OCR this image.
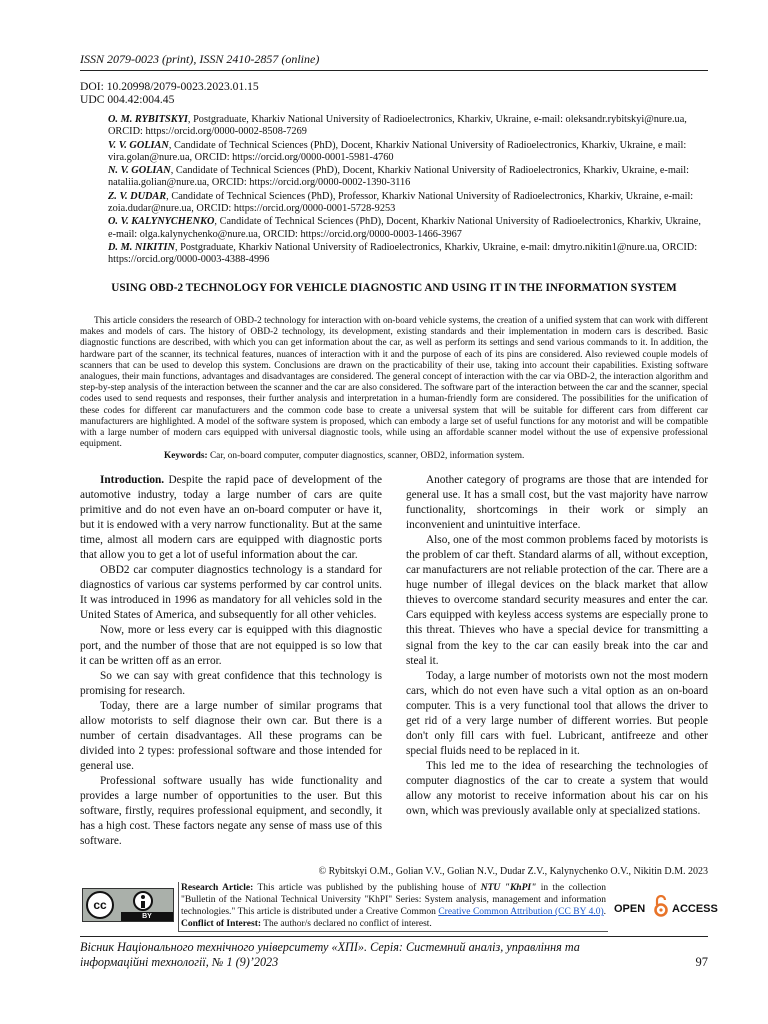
ISSN 2079-0023 (print), ISSN 2410-2857 (online)
DOI: 10.20998/2079-0023.2023.01.15
UDC 004.42:004.45
O. M. RYBITSKYI, Postgraduate, Kharkiv National University of Radioelectronics, Kharkiv, Ukraine, e-mail: oleksandr.rybitskyi@nure.ua, ORCID: https://orcid.org/0000-0002-8508-7269
V. V. GOLIAN, Candidate of Technical Sciences (PhD), Docent, Kharkiv National University of Radioelectronics, Kharkiv, Ukraine, e mail: vira.golan@nure.ua, ORCID: https://orcid.org/0000-0001-5981-4760
N. V. GOLIAN, Candidate of Technical Sciences (PhD), Docent, Kharkiv National University of Radioelectronics, Kharkiv, Ukraine, e-mail: nataliia.golian@nure.ua, ORCID: https://orcid.org/0000-0002-1390-3116
Z. V. DUDAR, Candidate of Technical Sciences (PhD), Professor, Kharkiv National University of Radioelectronics, Kharkiv, Ukraine, e-mail: zoia.dudar@nure.ua, ORCID: https://orcid.org/0000-0001-5728-9253
O. V. KALYNYCHENKO, Candidate of Technical Sciences (PhD), Docent, Kharkiv National University of Radioelectronics, Kharkiv, Ukraine, e-mail: olga.kalynychenko@nure.ua, ORCID: https://orcid.org/0000-0003-1466-3967
D. M. NIKITIN, Postgraduate, Kharkiv National University of Radioelectronics, Kharkiv, Ukraine, e-mail: dmytro.nikitin1@nure.ua, ORCID: https://orcid.org/0000-0003-4388-4996
USING OBD-2 TECHNOLOGY FOR VEHICLE DIAGNOSTIC AND USING IT IN THE INFORMATION SYSTEM
This article considers the research of OBD-2 technology for interaction with on-board vehicle systems, the creation of a unified system that can work with different makes and models of cars. The history of OBD-2 technology, its development, existing standards and their implementation in modern cars is described. Basic diagnostic functions are described, with which you can get information about the car, as well as perform its settings and send various commands to it. In addition, the hardware part of the scanner, its technical features, nuances of interaction with it and the purpose of each of its pins are considered. Also reviewed couple models of scanners that can be used to develop this system. Conclusions are drawn on the practicability of their use, taking into account their capabilities. Existing software analogues, their main functions, advantages and disadvantages are considered. The general concept of interaction with the car via OBD-2, the interaction algorithm and step-by-step analysis of the interaction between the scanner and the car are also considered. The software part of the interaction between the car and the scanner, special codes used to send requests and responses, their further analysis and interpretation in a human-friendly form are considered. The possibilities for the unification of these codes for different car manufacturers and the common code base to create a universal system that will be suitable for different cars from different car manufacturers are highlighted. A model of the software system is proposed, which can embody a large set of useful functions for any motorist and will be compatible with a large number of modern cars equipped with universal diagnostic tools, while using an affordable scanner model without the use of expensive professional equipment.
Keywords: Car, on-board computer, computer diagnostics, scanner, OBD2, information system.

Introduction. Despite the rapid pace of development of the automotive industry, today a large number of cars are quite primitive and do not even have an on-board computer or have it, but it is endowed with a very narrow functionality. But at the same time, almost all modern cars are equipped with diagnostic ports that allow you to get a lot of useful information about the car.

OBD2 car computer diagnostics technology is a standard for diagnostics of various car systems performed by car control units. It was introduced in 1996 as mandatory for all vehicles sold in the United States of America, and subsequently for all other vehicles.

Now, more or less every car is equipped with this diagnostic port, and the number of those that are not equipped is so low that it can be written off as an error.

So we can say with great confidence that this technology is promising for research.

Today, there are a large number of similar programs that allow motorists to self diagnose their own car. But there is a number of certain disadvantages. All these programs can be divided into 2 types: professional software and those intended for general use.

Professional software usually has wide functionality and provides a large number of opportunities to the user. But this software, firstly, requires professional equipment, and secondly, it has a high cost. These factors negate any sense of mass use of this software.

Another category of programs are those that are intended for general use. It has a small cost, but the vast majority have narrow functionality, shortcomings in their work or simply an inconvenient and unintuitive interface.

Also, one of the most common problems faced by motorists is the problem of car theft. Standard alarms of all, without exception, car manufacturers are not reliable protection of the car. There are a huge number of illegal devices on the black market that allow thieves to overcome standard security measures and enter the car. Cars equipped with keyless access systems are especially prone to this threat. Thieves who have a special device for transmitting a signal from the key to the car can easily break into the car and steal it.

Today, a large number of motorists own not the most modern cars, which do not even have such a vital option as an on-board computer. This is a very functional tool that allows the driver to get rid of a very large number of different worries. But people don't only fill cars with fuel. Lubricant, antifreeze and other special fluids need to be replaced in it.

This led me to the idea of researching the technologies of computer diagnostics of the car to create a system that would allow any motorist to receive information about his car on his own, which was previously available only at specialized stations.

© Rybitskyi O.M., Golian V.V., Golian N.V., Dudar Z.V., Kalynychenko O.V., Nikitin D.M. 2023
cc
BY
Research Article: This article was published by the publishing house of NTU "KhPI" in the collection "Bulletin of the National Technical University "KhPI" Series: System analysis, management and information technologies." This article is distributed under a Creative Common Creative Common Attribution (CC BY 4.0). Conflict of Interest: The author/s declared no conflict of interest.
OPEN ACCESS
Вісник Національного технічного університету «ХПІ». Серія: Системний аналіз, управління та інформаційні технології, № 1 (9)’2023	97
